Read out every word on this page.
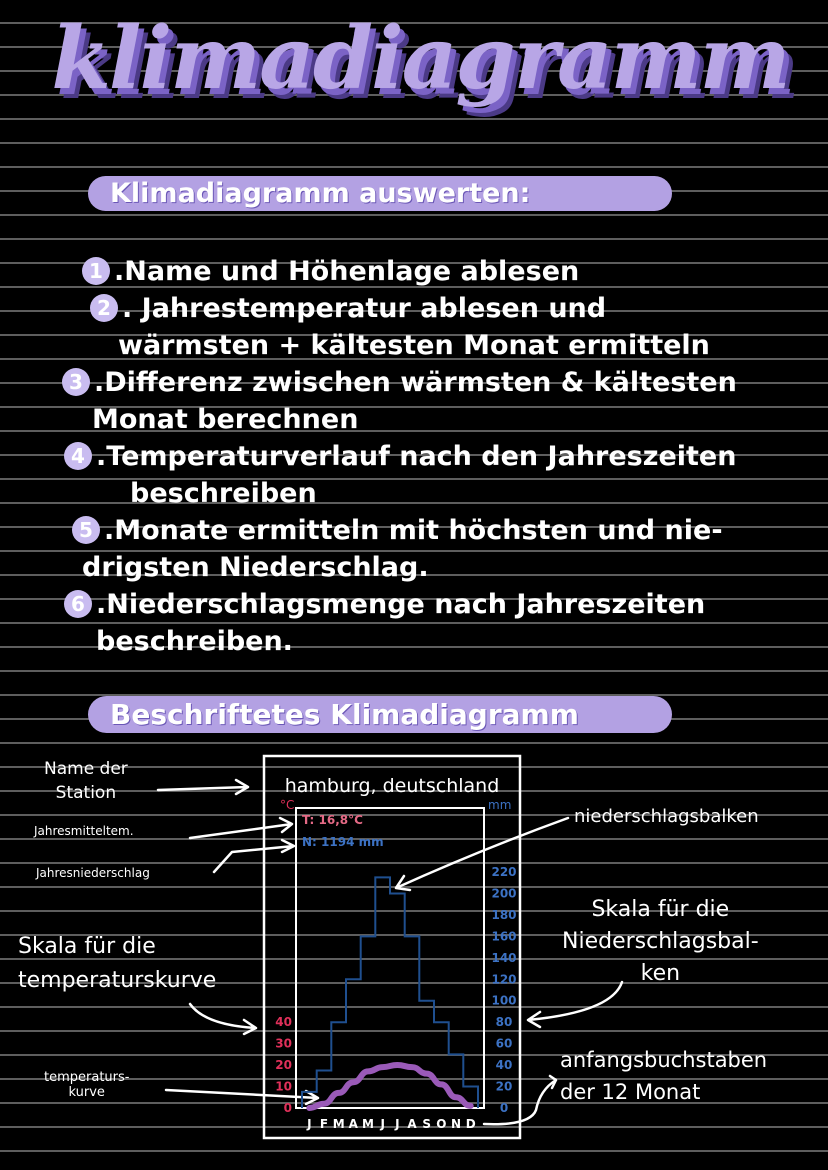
klimadiagramm
Klimadiagramm auswerten:
1 .Name und Höhenlage ablesen
2 . Jahrestemperatur ablesen und
wärmsten + kältesten Monat ermitteln
3 .Differenz zwischen wärmsten & kältesten
Monat berechnen
4 .Temperaturverlauf nach den Jahreszeiten
beschreiben
5 .Monate ermitteln mit höchsten und nie-
drigsten Niederschlag.
6 .Niederschlagsmenge nach Jahreszeiten
beschreiben.
Beschriftetes Klimadiagramm
Name der
Station
Jahresmitteltem.
Jahresniederschlag
Skala für die
temperaturskurve
temperaturs-
kurve
niederschlagsbalken
Skala für die
Niederschlagsbal-
ken
anfangsbuchstaben
der 12 Monat
hamburg, deutschland
°C	mm
T: 16,8°C
N: 1194 mm
0
10
20
30
40
0
20
40
60
80
100
120
140
160
180
200
220
J F M A M J J A S O N D
